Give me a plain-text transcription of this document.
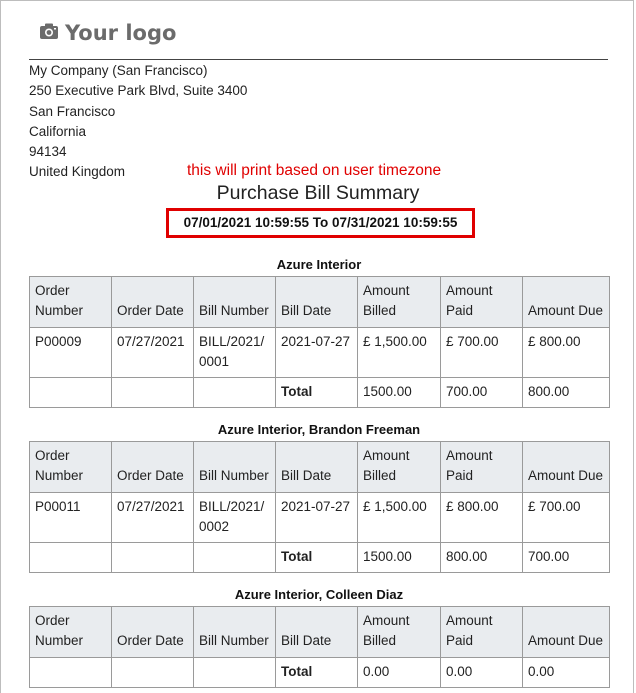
Your logo
My Company (San Francisco)
250 Executive Park Blvd, Suite 3400
San Francisco
California
94134
United Kingdom	this will print based on user timezone
Purchase Bill Summary
07/01/2021 10:59:55 To 07/31/2021 10:59:55
Azure Interior
Order Number	Order Date	Bill Number	Bill Date	Amount Billed	Amount Paid	Amount Due
P00009	07/27/2021	BILL/2021/0001	2021-07-27	£ 1,500.00	£ 700.00	£ 800.00
			Total	1500.00	700.00	800.00
Azure Interior, Brandon Freeman
Order Number	Order Date	Bill Number	Bill Date	Amount Billed	Amount Paid	Amount Due
P00011	07/27/2021	BILL/2021/0002	2021-07-27	£ 1,500.00	£ 800.00	£ 700.00
			Total	1500.00	800.00	700.00
Azure Interior, Colleen Diaz
Order Number	Order Date	Bill Number	Bill Date	Amount Billed	Amount Paid	Amount Due
			Total	0.00	0.00	0.00
